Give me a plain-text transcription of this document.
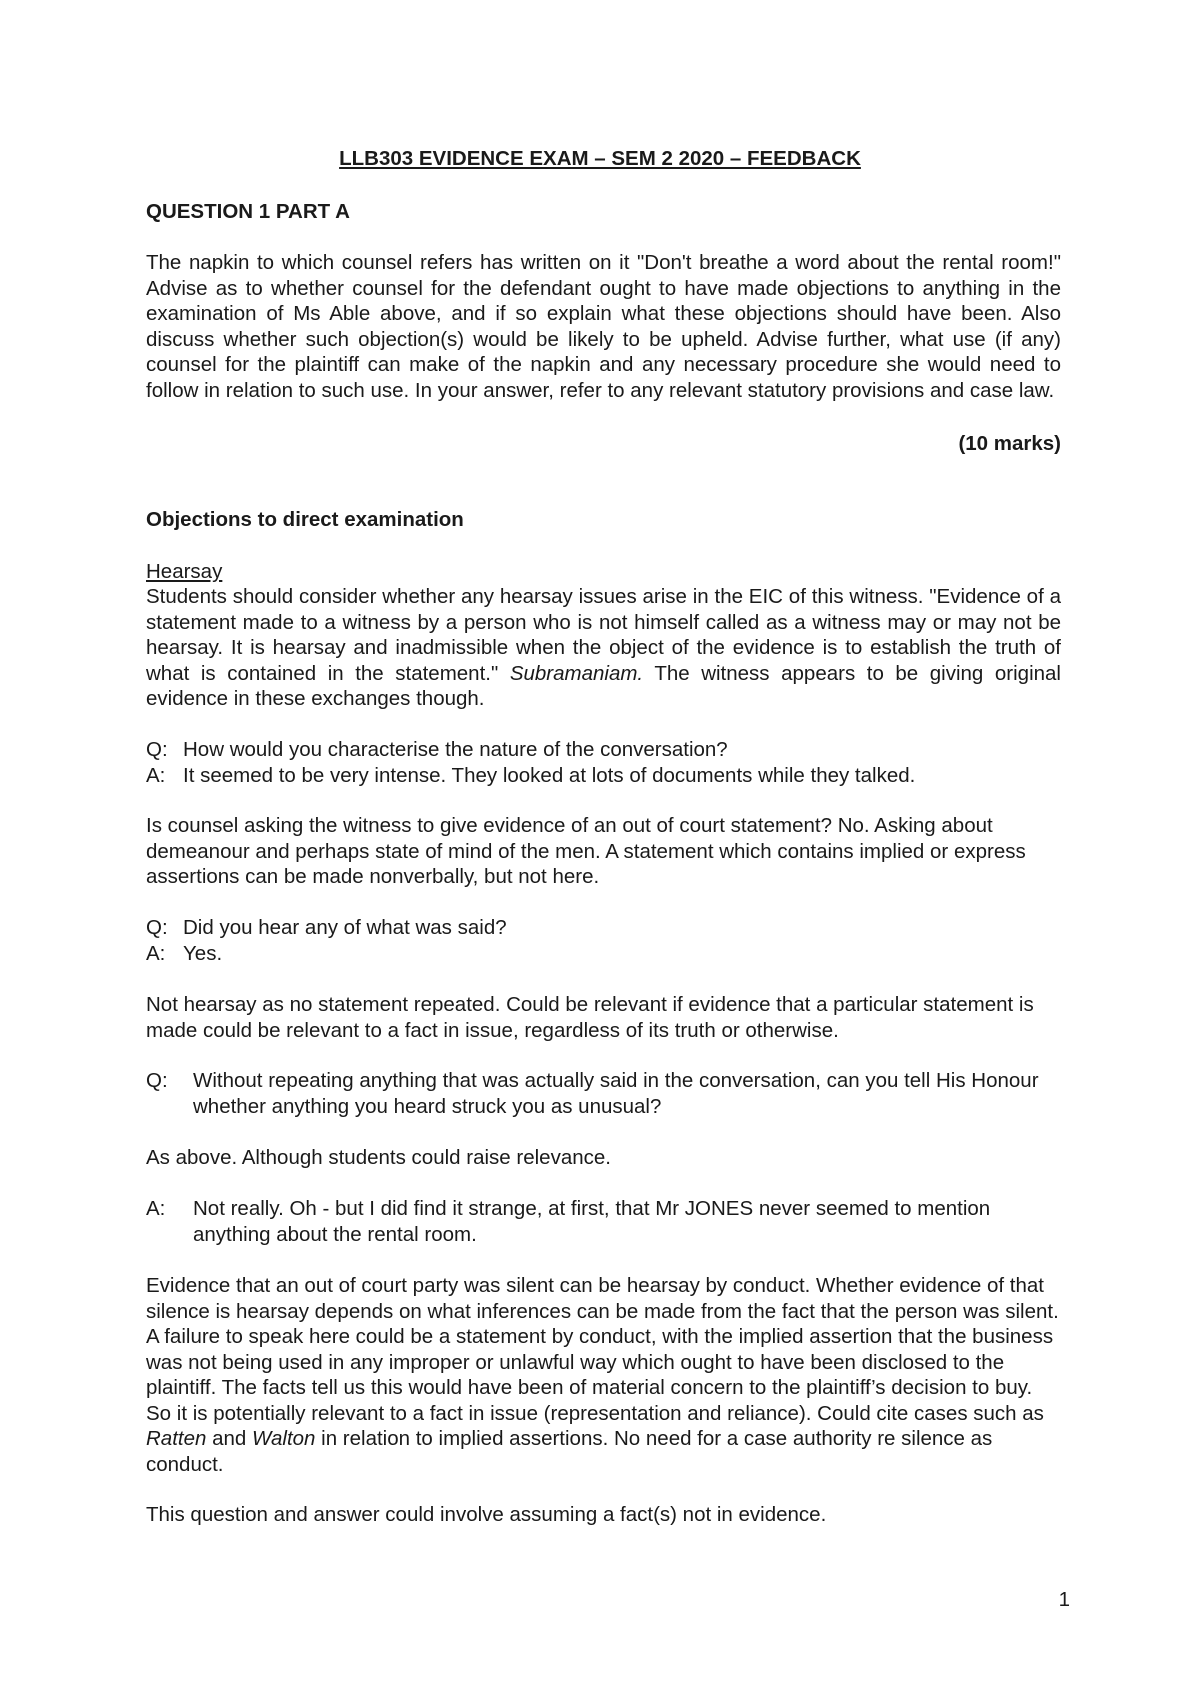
LLB303 EVIDENCE EXAM – SEM 2 2020 – FEEDBACK
QUESTION 1 PART A

The napkin to which counsel refers has written on it "Don't breathe a word about the rental room!" Advise as to whether counsel for the defendant ought to have made objections to anything in the examination of Ms Able above, and if so explain what these objections should have been. Also discuss whether such objection(s) would be likely to be upheld. Advise further, what use (if any) counsel for the plaintiff can make of the napkin and any necessary procedure she would need to follow in relation to such use. In your answer, refer to any relevant statutory provisions and case law.

(10 marks)
Objections to direct examination
Hearsay

Students should consider whether any hearsay issues arise in the EIC of this witness. "Evidence of a statement made to a witness by a person who is not himself called as a witness may or may not be hearsay. It is hearsay and inadmissible when the object of the evidence is to establish the truth of what is contained in the statement." Subramaniam. The witness appears to be giving original evidence in these exchanges though.

Q: How would you characterise the nature of the conversation?
A: It seemed to be very intense. They looked at lots of documents while they talked.

Is counsel asking the witness to give evidence of an out of court statement? No. Asking about demeanour and perhaps state of mind of the men. A statement which contains implied or express assertions can be made nonverbally, but not here.

Q: Did you hear any of what was said?
A: Yes.

Not hearsay as no statement repeated. Could be relevant if evidence that a particular statement is made could be relevant to a fact in issue, regardless of its truth or otherwise.

Q:	Without repeating anything that was actually said in the conversation, can you tell His Honour whether anything you heard struck you as unusual?

As above. Although students could raise relevance.

A:	Not really. Oh - but I did find it strange, at first, that Mr JONES never seemed to mention anything about the rental room.

Evidence that an out of court party was silent can be hearsay by conduct. Whether evidence of that silence is hearsay depends on what inferences can be made from the fact that the person was silent. A failure to speak here could be a statement by conduct, with the implied assertion that the business was not being used in any improper or unlawful way which ought to have been disclosed to the plaintiff. The facts tell us this would have been of material concern to the plaintiff’s decision to buy. So it is potentially relevant to a fact in issue (representation and reliance). Could cite cases such as Ratten and Walton in relation to implied assertions. No need for a case authority re silence as conduct.

This question and answer could involve assuming a fact(s) not in evidence.

1
